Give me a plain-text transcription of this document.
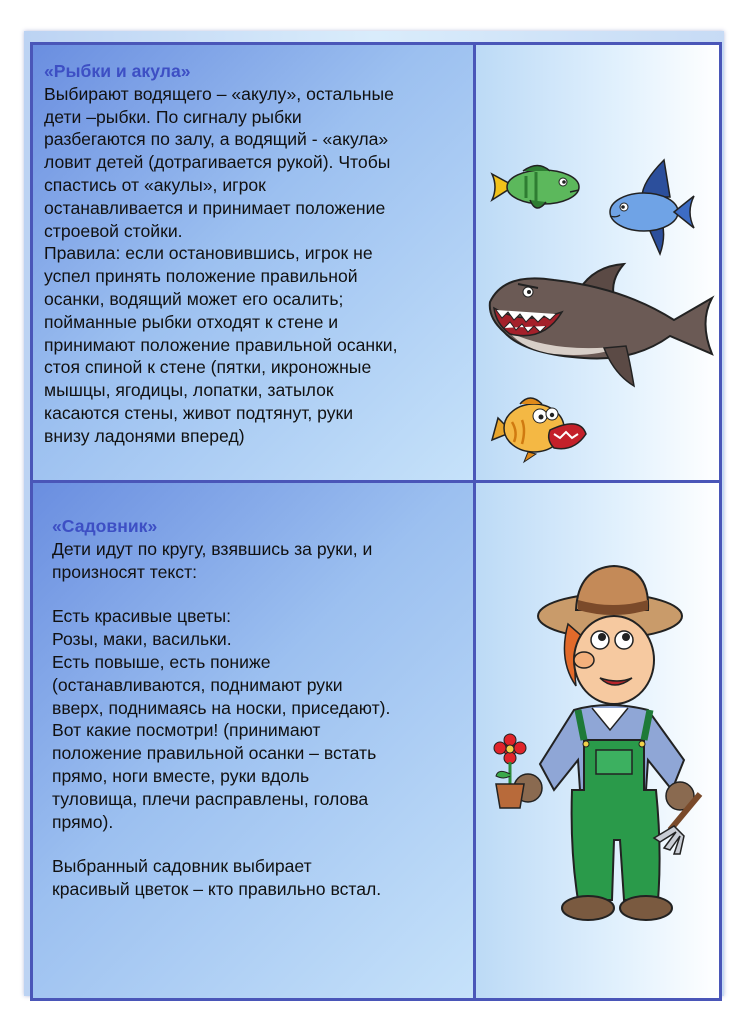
«Рыбки и акула»

Выбирают водящего – «акулу», остальные

дети –рыбки. По сигналу рыбки

разбегаются по залу, а водящий - «акула»

ловит детей (дотрагивается рукой). Чтобы

спастись от «акулы», игрок

останавливается и принимает положение

строевой стойки.

Правила: если остановившись, игрок не

успел принять положение правильной

осанки, водящий может его осалить;

пойманные рыбки отходят к стене и

принимают положение правильной осанки,

стоя спиной к стене (пятки, икроножные

мышцы, ягодицы, лопатки, затылок

касаются стены, живот подтянут, руки

внизу ладонями вперед)

«Садовник»

Дети идут по кругу, взявшись за руки, и

произносят текст:

Есть красивые цветы:

Розы, маки, васильки.

Есть повыше, есть пониже

(останавливаются, поднимают руки

вверх, поднимаясь на носки, приседают).

Вот какие посмотри! (принимают

положение правильной осанки – встать

прямо, ноги вместе, руки вдоль

туловища, плечи расправлены, голова

прямо).

Выбранный садовник выбирает

красивый цветок – кто правильно встал.
